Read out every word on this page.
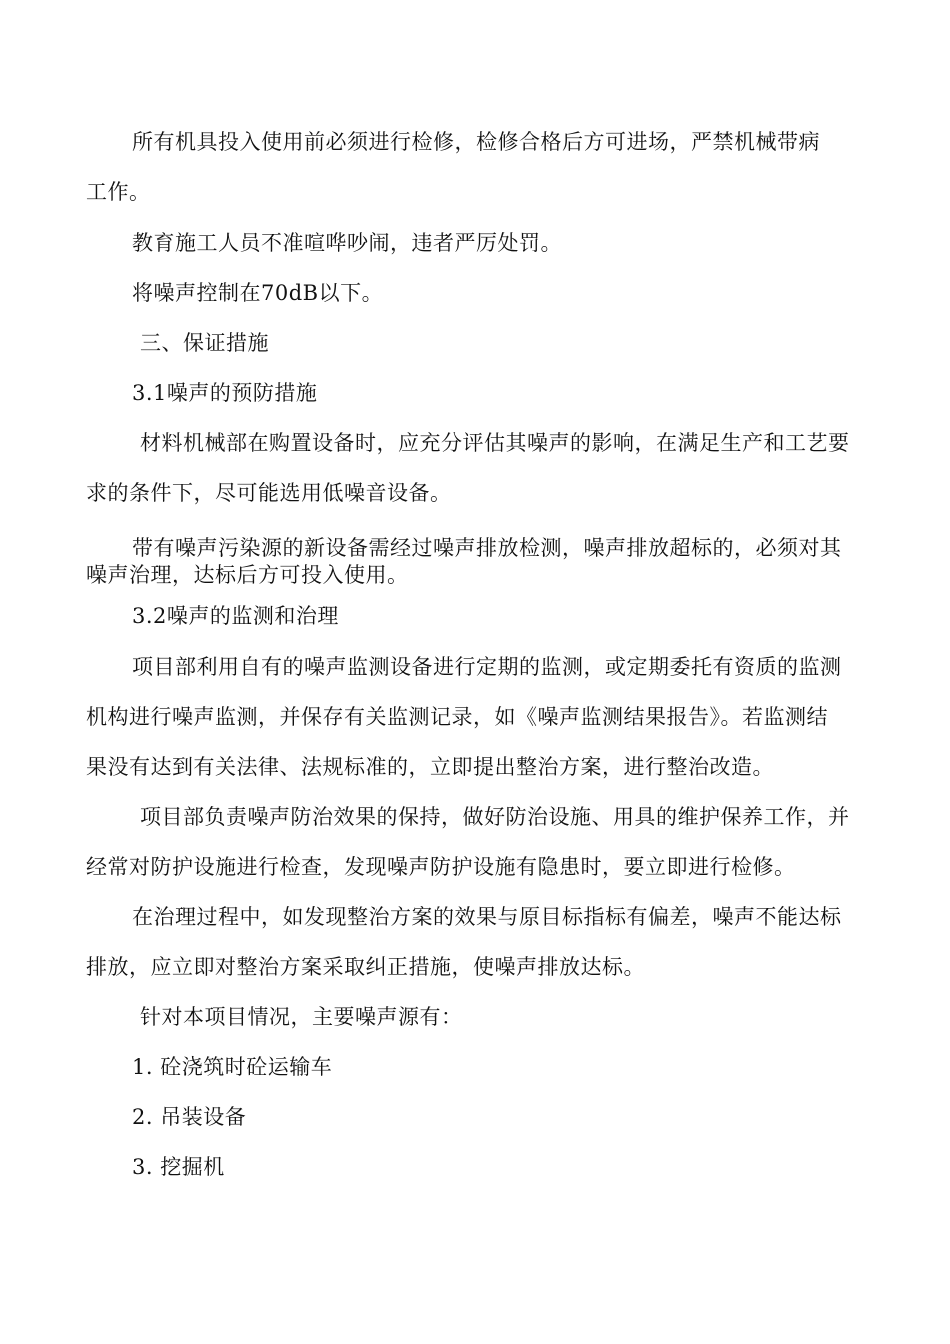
所有机具投入使用前必须进行检修，检修合格后方可进场，严禁机械带病
工作。
教育施工人员不准喧哗吵闹，违者严厉处罚。
将噪声控制在70dB以下。
三、保证措施
3.1噪声的预防措施
材料机械部在购置设备时，应充分评估其噪声的影响，在满足生产和工艺要
求的条件下，尽可能选用低噪音设备。
带有噪声污染源的新设备需经过噪声排放检测，噪声排放超标的，必须对其
噪声治理，达标后方可投入使用。
3.2噪声的监测和治理
项目部利用自有的噪声监测设备进行定期的监测，或定期委托有资质的监测
机构进行噪声监测，并保存有关监测记录，如《噪声监测结果报告》。若监测结
果没有达到有关法律、法规标准的，立即提出整治方案，进行整治改造。
项目部负责噪声防治效果的保持，做好防治设施、用具的维护保养工作，并
经常对防护设施进行检查，发现噪声防护设施有隐患时，要立即进行检修。
在治理过程中，如发现整治方案的效果与原目标指标有偏差，噪声不能达标
排放，应立即对整治方案采取纠正措施，使噪声排放达标。
针对本项目情况，主要噪声源有：
1. 砼浇筑时砼运输车
2. 吊装设备
3. 挖掘机
